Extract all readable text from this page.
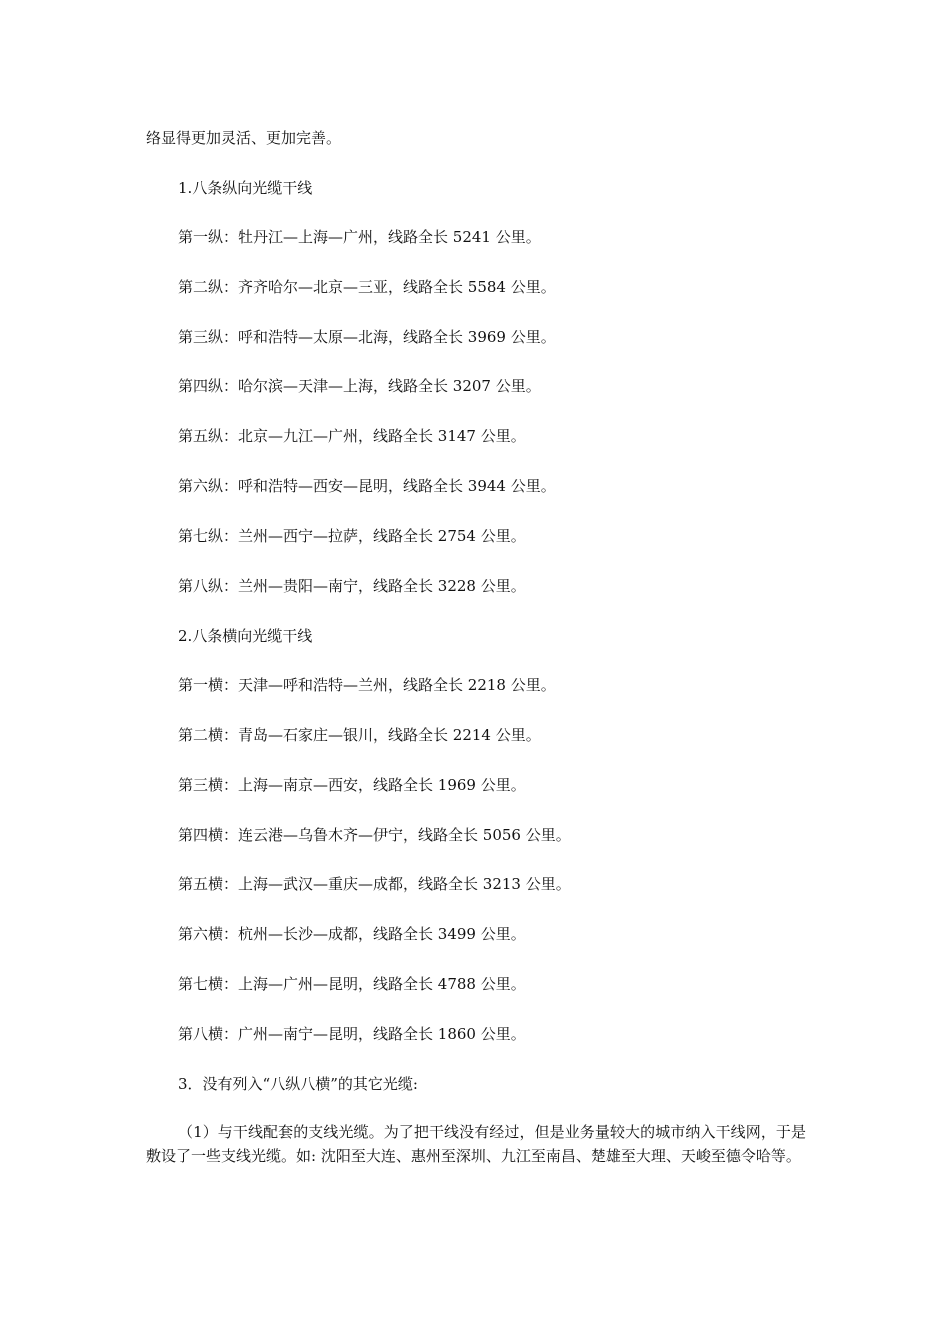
络显得更加灵活、更加完善。
1.八条纵向光缆干线
第一纵：牡丹江—上海—广州，线路全长 5241 公里。
第二纵：齐齐哈尔—北京—三亚，线路全长 5584 公里。
第三纵：呼和浩特—太原—北海，线路全长 3969 公里。
第四纵：哈尔滨—天津—上海，线路全长 3207 公里。
第五纵：北京—九江—广州，线路全长 3147 公里。
第六纵：呼和浩特—西安—昆明，线路全长 3944 公里。
第七纵：兰州—西宁—拉萨，线路全长 2754 公里。
第八纵：兰州—贵阳—南宁，线路全长 3228 公里。
2.八条横向光缆干线
第一横：天津—呼和浩特—兰州，线路全长 2218 公里。
第二横：青岛—石家庄—银川，线路全长 2214 公里。
第三横：上海—南京—西安，线路全长 1969 公里。
第四横：连云港—乌鲁木齐—伊宁，线路全长 5056 公里。
第五横：上海—武汉—重庆—成都，线路全长 3213 公里。
第六横：杭州—长沙—成都，线路全长 3499 公里。
第七横：上海—广州—昆明，线路全长 4788 公里。
第八横：广州—南宁—昆明，线路全长 1860 公里。
3．没有列入“八纵八横”的其它光缆:
（1）与干线配套的支线光缆。为了把干线没有经过，但是业务量较大的城市纳入干线网，于是敷设了一些支线光缆。如: 沈阳至大连、惠州至深圳、九江至南昌、楚雄至大理、天峻至德令哈等。
